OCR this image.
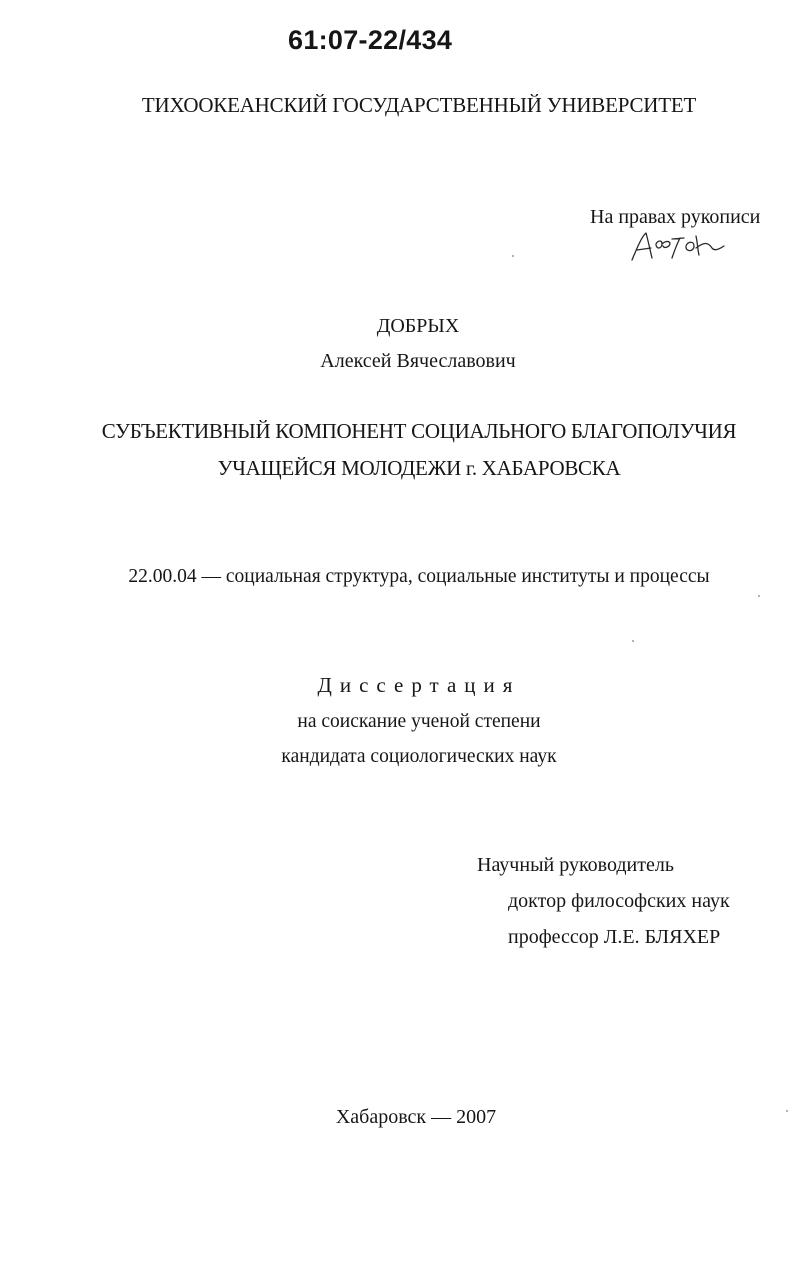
61:07-22/434
ТИХООКЕАНСКИЙ ГОСУДАРСТВЕННЫЙ УНИВЕРСИТЕТ
На правах рукописи
ДОБРЫХ
Алексей Вячеславович
СУБЪЕКТИВНЫЙ КОМПОНЕНТ СОЦИАЛЬНОГО БЛАГОПОЛУЧИЯ
УЧАЩЕЙСЯ МОЛОДЕЖИ г. ХАБАРОВСКА
22.00.04 — социальная структура, социальные институты и процессы
Диссертация
на соискание ученой степени
кандидата социологических наук
Научный руководитель
доктор философских наук
профессор Л.Е. БЛЯХЕР
Хабаровск — 2007
